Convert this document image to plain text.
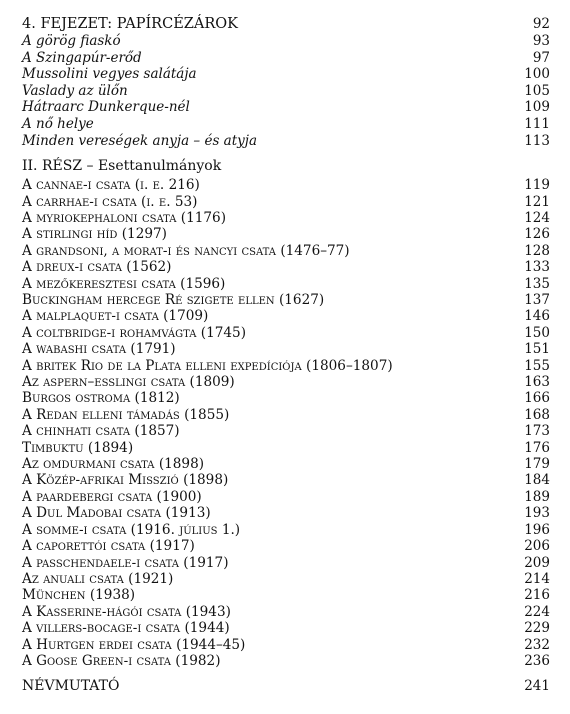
4. FEJEZET: PAPÍRCÉZÁROK	92
A görög fiaskó	93
A Szingapúr-erőd	97
Mussolini vegyes salátája	100
Vaslady az ülőn	105
Hátraarc Dunkerque-nél	109
A nő helye	111
Minden vereségek anyja – és atyja	113
II. RÉSZ – Esettanulmányok
A cannae-i csata (i. e. 216)	119
A carrhae-i csata (i. e. 53)	121
A myriokephaloni csata (1176)	124
A stirlingi híd (1297)	126
A grandsoni, a morat-i és nancyi csata (1476–77)	128
A dreux-i csata (1562)	133
A mezőkeresztesi csata (1596)	135
Buckingham hercege Ré szigete ellen (1627)	137
A malplaquet-i csata (1709)	146
A coltbridge-i rohamvágta (1745)	150
A wabashi csata (1791)	151
A britek Rio de la Plata elleni expedíciója (1806–1807)	155
Az aspern–esslingi csata (1809)	163
Burgos ostroma (1812)	166
A Redan elleni támadás (1855)	168
A chinhati csata (1857)	173
Timbuktu (1894)	176
Az omdurmani csata (1898)	179
A Közép-afrikai Misszió (1898)	184
A paardebergi csata (1900)	189
A Dul Madobai csata (1913)	193
A somme-i csata (1916. július 1.)	196
A caporettói csata (1917)	206
A passchendaele-i csata (1917)	209
Az anuali csata (1921)	214
München (1938)	216
A Kasserine-hágói csata (1943)	224
A villers-bocage-i csata (1944)	229
A Hurtgen erdei csata (1944–45)	232
A Goose Green-i csata (1982)	236
NÉVMUTATÓ	241
